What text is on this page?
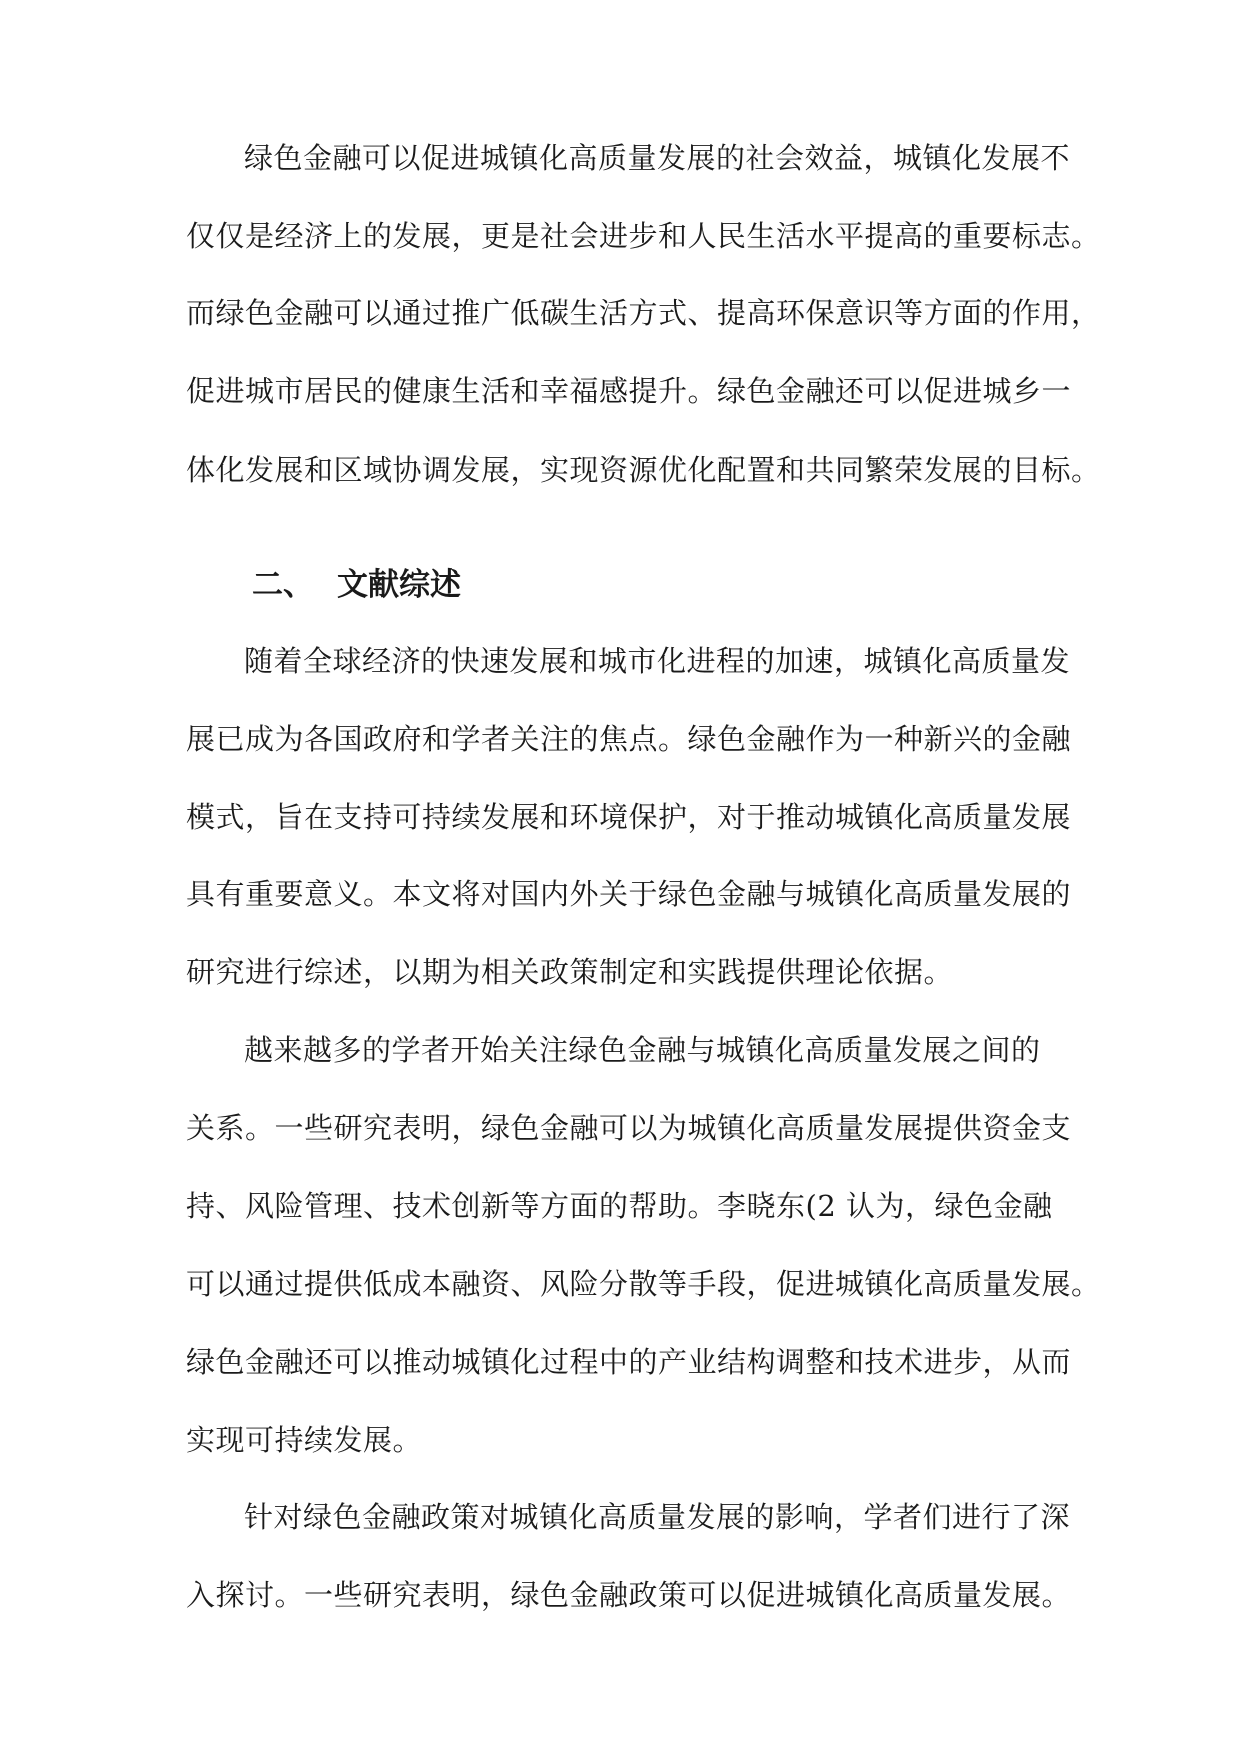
绿色金融可以促进城镇化高质量发展的社会效益，城镇化发展不
仅仅是经济上的发展，更是社会进步和人民生活水平提高的重要标志。
而绿色金融可以通过推广低碳生活方式、提高环保意识等方面的作用，
促进城市居民的健康生活和幸福感提升。绿色金融还可以促进城乡一
体化发展和区域协调发展，实现资源优化配置和共同繁荣发展的目标。
二、 文献综述
随着全球经济的快速发展和城市化进程的加速，城镇化高质量发
展已成为各国政府和学者关注的焦点。绿色金融作为一种新兴的金融
模式，旨在支持可持续发展和环境保护，对于推动城镇化高质量发展
具有重要意义。本文将对国内外关于绿色金融与城镇化高质量发展的
研究进行综述，以期为相关政策制定和实践提供理论依据。
越来越多的学者开始关注绿色金融与城镇化高质量发展之间的
关系。一些研究表明，绿色金融可以为城镇化高质量发展提供资金支
持、风险管理、技术创新等方面的帮助。李晓东(2 认为，绿色金融
可以通过提供低成本融资、风险分散等手段，促进城镇化高质量发展。
绿色金融还可以推动城镇化过程中的产业结构调整和技术进步，从而
实现可持续发展。
针对绿色金融政策对城镇化高质量发展的影响，学者们进行了深
入探讨。一些研究表明，绿色金融政策可以促进城镇化高质量发展。
